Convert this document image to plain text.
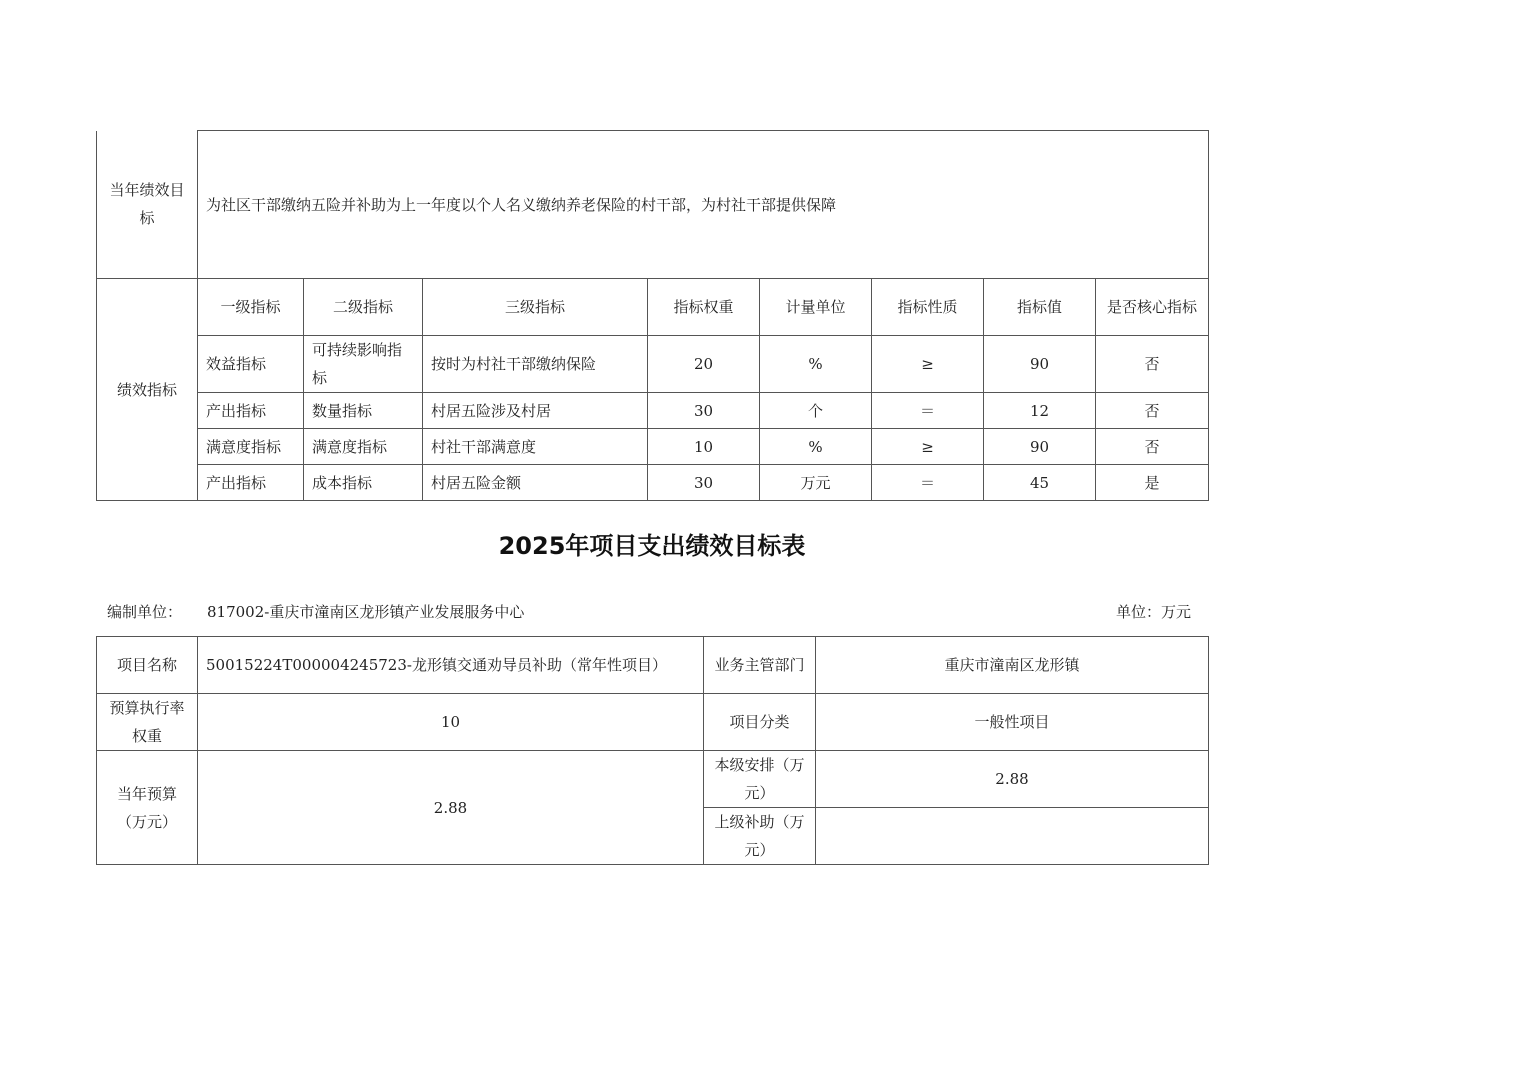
当年绩效目标	为社区干部缴纳五险并补助为上一年度以个人名义缴纳养老保险的村干部，为村社干部提供保障							
绩效指标	一级指标	二级指标	三级指标	指标权重	计量单位	指标性质	指标值	是否核心指标
	效益指标	可持续影响指标	按时为村社干部缴纳保险	20	%	≥	90	否
	产出指标	数量指标	村居五险涉及村居	30	个	＝	12	否
	满意度指标	满意度指标	村社干部满意度	10	%	≥	90	否
	产出指标	成本指标	村居五险金额	30	万元	＝	45	是
2025年项目支出绩效目标表
编制单位： 817002-重庆市潼南区龙形镇产业发展服务中心	单位：万元
项目名称	50015224T000004245723-龙形镇交通劝导员补助（常年性项目）	业务主管部门	重庆市潼南区龙形镇
预算执行率权重	10	项目分类	一般性项目
当年预算（万元）	2.88	本级安排（万元）	2.88
		上级补助（万元）	
